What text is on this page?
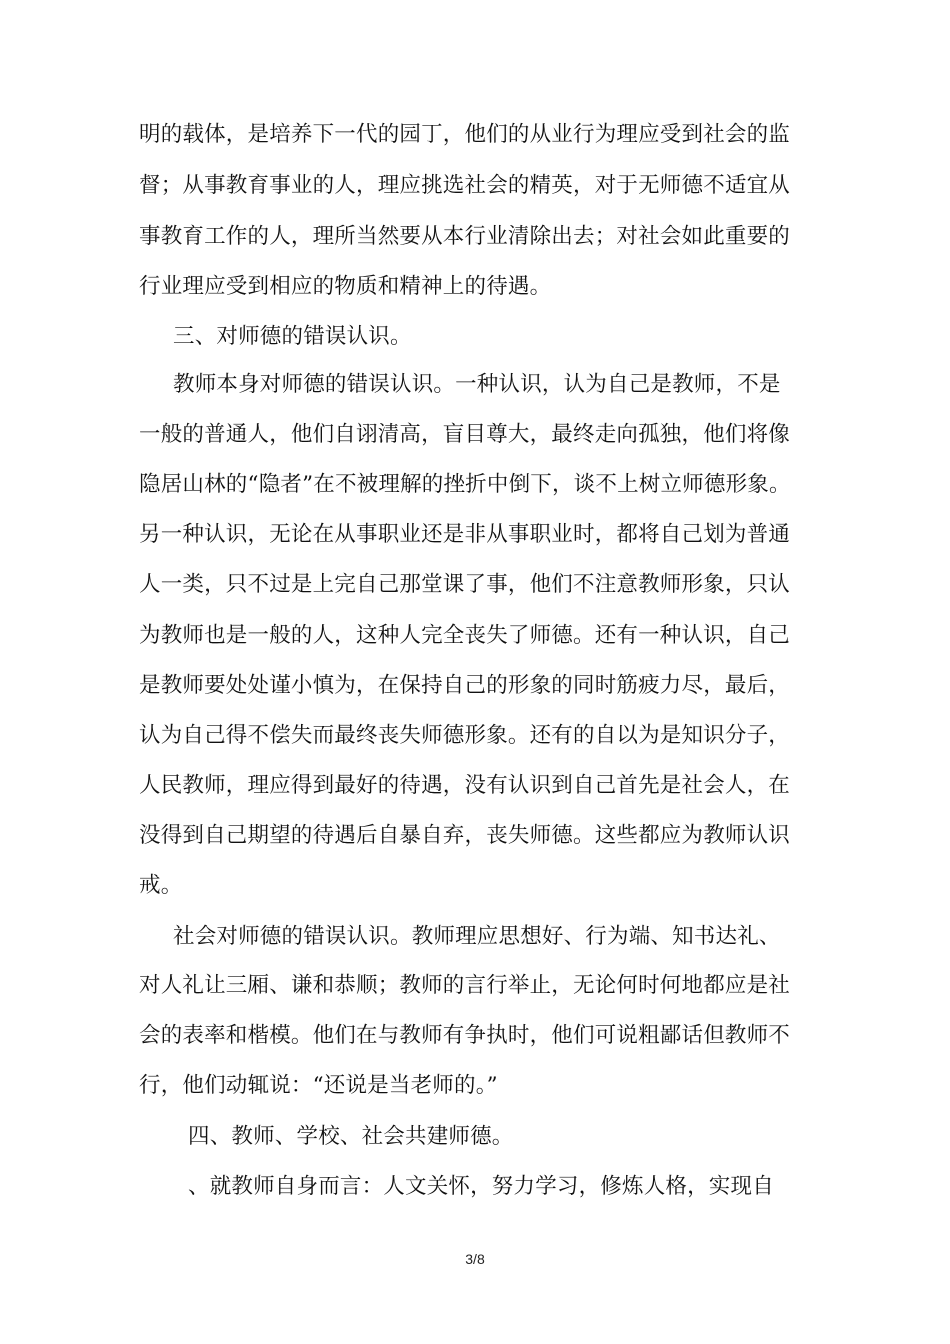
明的载体，是培养下一代的园丁，他们的从业行为理应受到社会的监
督；从事教育事业的人，理应挑选社会的精英，对于无师德不适宜从
事教育工作的人，理所当然要从本行业清除出去；对社会如此重要的
行业理应受到相应的物质和精神上的待遇。
三、对师德的错误认识。
教师本身对师德的错误认识。一种认识，认为自己是教师，不是
一般的普通人，他们自诩清高，盲目尊大，最终走向孤独，他们将像
隐居山林的“隐者”在不被理解的挫折中倒下，谈不上树立师德形象。
另一种认识，无论在从事职业还是非从事职业时，都将自己划为普通
人一类，只不过是上完自己那堂课了事，他们不注意教师形象，只认
为教师也是一般的人，这种人完全丧失了师德。还有一种认识，自己
是教师要处处谨小慎为，在保持自己的形象的同时筋疲力尽，最后，
认为自己得不偿失而最终丧失师德形象。还有的自以为是知识分子，
人民教师，理应得到最好的待遇，没有认识到自己首先是社会人，在
没得到自己期望的待遇后自暴自弃，丧失师德。这些都应为教师认识
戒。
社会对师德的错误认识。教师理应思想好、行为端、知书达礼、
对人礼让三厢、谦和恭顺；教师的言行举止，无论何时何地都应是社
会的表率和楷模。他们在与教师有争执时，他们可说粗鄙话但教师不
行，他们动辄说：“还说是当老师的。”
四、教师、学校、社会共建师德。
、就教师自身而言：人文关怀，努力学习，修炼人格，实现自
3/8
